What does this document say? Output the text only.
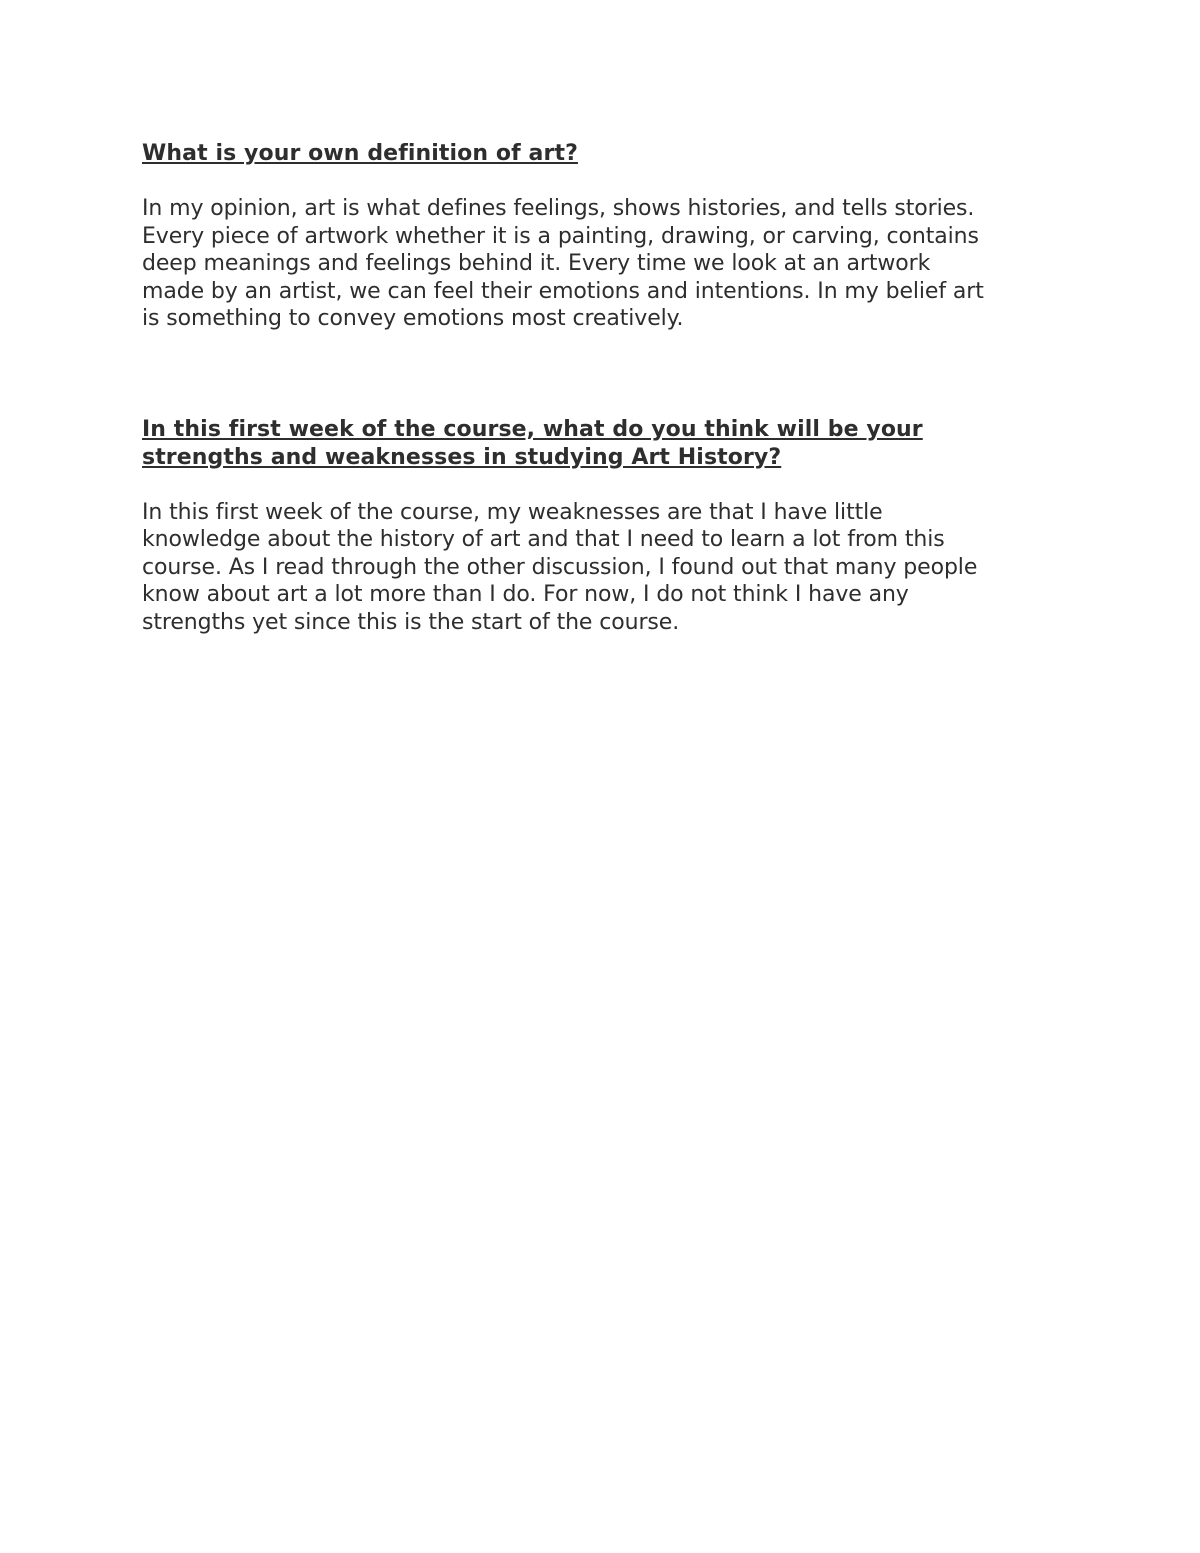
What is your own definition of art?

In my opinion, art is what defines feelings, shows histories, and tells stories.
Every piece of artwork whether it is a painting, drawing, or carving, contains
deep meanings and feelings behind it. Every time we look at an artwork
made by an artist, we can feel their emotions and intentions. In my belief art
is something to convey emotions most creatively.

In this first week of the course, what do you think will be your
strengths and weaknesses in studying Art History?

In this first week of the course, my weaknesses are that I have little
knowledge about the history of art and that I need to learn a lot from this
course. As I read through the other discussion, I found out that many people
know about art a lot more than I do. For now, I do not think I have any
strengths yet since this is the start of the course.
